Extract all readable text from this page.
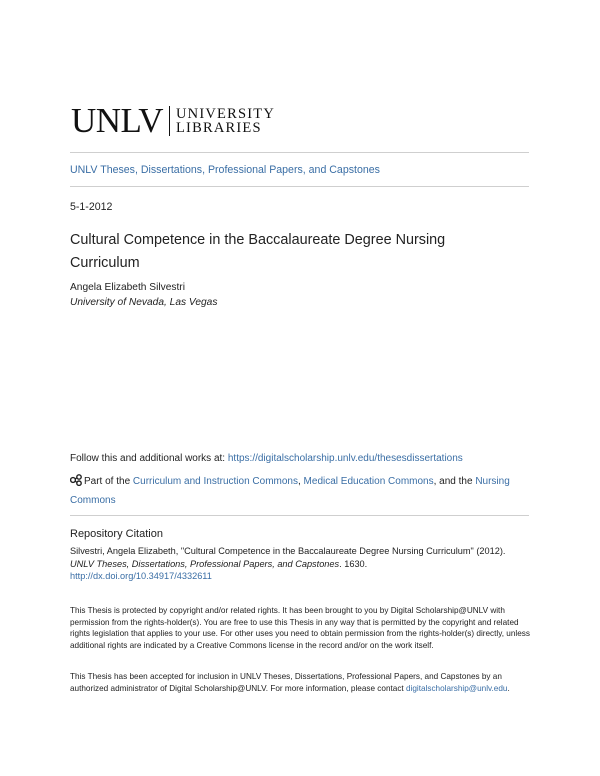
UNLV UNIVERSITY
LIBRARIES
UNLV Theses, Dissertations, Professional Papers, and Capstones
5-1-2012
Cultural Competence in the Baccalaureate Degree Nursing Curriculum
Angela Elizabeth Silvestri
University of Nevada, Las Vegas
Follow this and additional works at: https://digitalscholarship.unlv.edu/thesesdissertations
Part of the Curriculum and Instruction Commons, Medical Education Commons, and the Nursing Commons
Repository Citation
Silvestri, Angela Elizabeth, "Cultural Competence in the Baccalaureate Degree Nursing Curriculum" (2012).
UNLV Theses, Dissertations, Professional Papers, and Capstones. 1630.
http://dx.doi.org/10.34917/4332611
This Thesis is protected by copyright and/or related rights. It has been brought to you by Digital Scholarship@UNLV with permission from the rights-holder(s). You are free to use this Thesis in any way that is permitted by the copyright and related rights legislation that applies to your use. For other uses you need to obtain permission from the rights-holder(s) directly, unless additional rights are indicated by a Creative Commons license in the record and/or on the work itself.
This Thesis has been accepted for inclusion in UNLV Theses, Dissertations, Professional Papers, and Capstones by an authorized administrator of Digital Scholarship@UNLV. For more information, please contact digitalscholarship@unlv.edu.
